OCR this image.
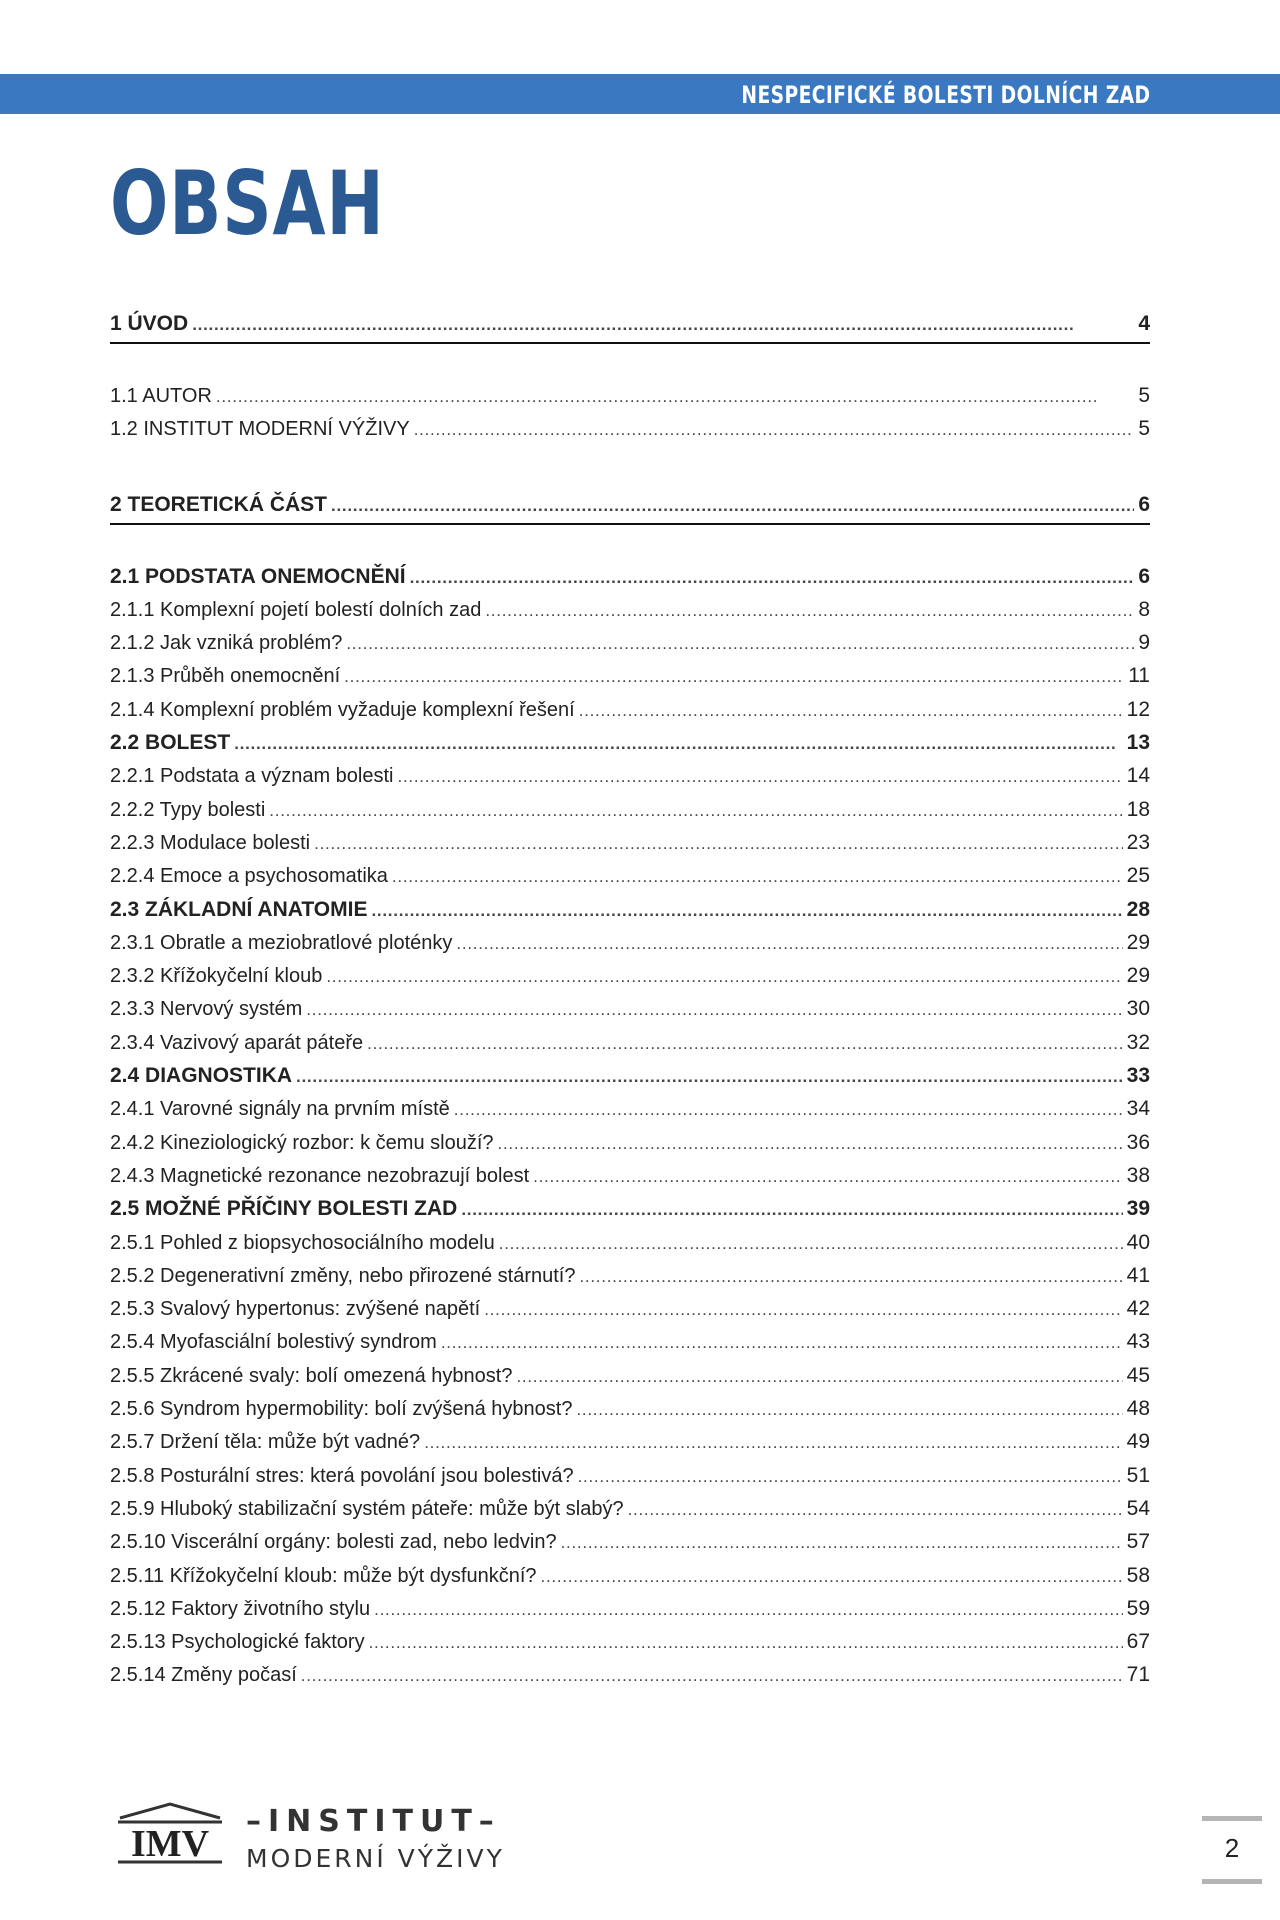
NESPECIFICKÉ BOLESTI DOLNÍCH ZAD
OBSAH
1 ÚVOD . . .	4
1.1 AUTOR . . .	5
1.2 INSTITUT MODERNÍ VÝŽIVY . . .	5
2 TEORETICKÁ ČÁST . . .	6
2.1 PODSTATA ONEMOCNĚNÍ . . .	6
2.1.1 Komplexní pojetí bolestí dolních zad . . .	8
2.1.2 Jak vzniká problém? . . .	9
2.1.3 Průběh onemocnění . . .	11
2.1.4 Komplexní problém vyžaduje komplexní řešení . . .	12
2.2 BOLEST . . .	13
2.2.1 Podstata a význam bolesti . . .	14
2.2.2 Typy bolesti . . .	18
2.2.3 Modulace bolesti . . .	23
2.2.4 Emoce a psychosomatika . . .	25
2.3 ZÁKLADNÍ ANATOMIE . . .	28
2.3.1 Obratle a meziobratlové ploténky . . .	29
2.3.2 Křížokyčelní kloub . . .	29
2.3.3 Nervový systém . . .	30
2.3.4 Vazivový aparát páteře . . .	32
2.4 DIAGNOSTIKA . . .	33
2.4.1 Varovné signály na prvním místě . . .	34
2.4.2 Kineziologický rozbor: k čemu slouží? . . .	36
2.4.3 Magnetické rezonance nezobrazují bolest . . .	38
2.5 MOŽNÉ PŘÍČINY BOLESTI ZAD . . .	39
2.5.1 Pohled z biopsychosociálního modelu . . .	40
2.5.2 Degenerativní změny, nebo přirozené stárnutí? . . .	41
2.5.3 Svalový hypertonus: zvýšené napětí . . .	42
2.5.4 Myofasciální bolestivý syndrom . . .	43
2.5.5 Zkrácené svaly: bolí omezená hybnost? . . .	45
2.5.6 Syndrom hypermobility: bolí zvýšená hybnost? . . .	48
2.5.7 Držení těla: může být vadné? . . .	49
2.5.8 Posturální stres: která povolání jsou bolestivá? . . .	51
2.5.9 Hluboký stabilizační systém páteře: může být slabý? . . .	54
2.5.10 Viscerální orgány: bolesti zad, nebo ledvin? . . .	57
2.5.11 Křížokyčelní kloub: může být dysfunkční? . . .	58
2.5.12 Faktory životního stylu . . .	59
2.5.13 Psychologické faktory . . .	67
2.5.14 Změny počasí . . .	71
IMV
–INSTITUT–
MODERNÍ VÝŽIVY	2
